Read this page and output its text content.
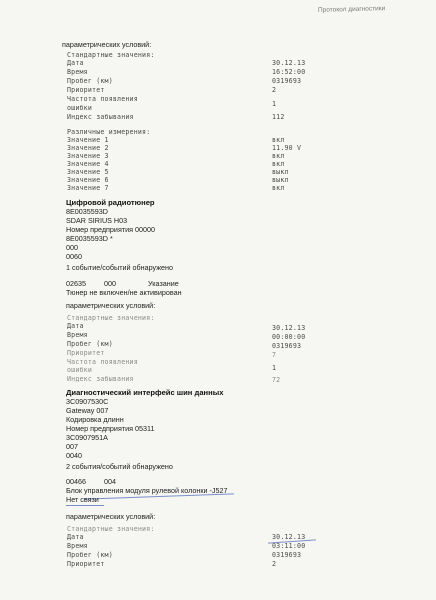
Протокол диагностики
параметрических условий:
Стандартные значения:
Дата	30.12.13
Время	16:52:00
Пробег (км)	0319693
Приоритет	2
Частота появления
ошибки	1
Индекс забывания	112
Различные измерения:
Значение 1	вкл
Значение 2	11.90 V
Значение 3	вкл
Значение 4	вкл
Значение 5	выкл
Значение 6	выкл
Значение 7	вкл
Цифровой радиотюнер
8E0035593D
SDAR SIRIUS H03
Номер предприятия 00000
8E0035593D *
000
0060
1 событие/событий обнаружено
02635	000	Указание
Тюнер не включен/не активирован
параметрических условий:
Стандартные значения:
Дата	30.12.13
Время	00:00:00
Пробег (км)	0319693
Приоритет	7
Частота появления
ошибки	1
Индекс забывания	72
Диагностический интерфейс шин данных
3C0907530C
Gateway 007
Кодировка длинн
Номер предприятия 05311
3C0907951A
007
0040
2 события/событий обнаружено
00466	004
Блок управления модуля рулевой колонки -J527
Нет связи
параметрических условий:
Стандартные значения:
Дата	30.12.13
Время	03:11:00
Пробег (км)	0319693
Приоритет	2
